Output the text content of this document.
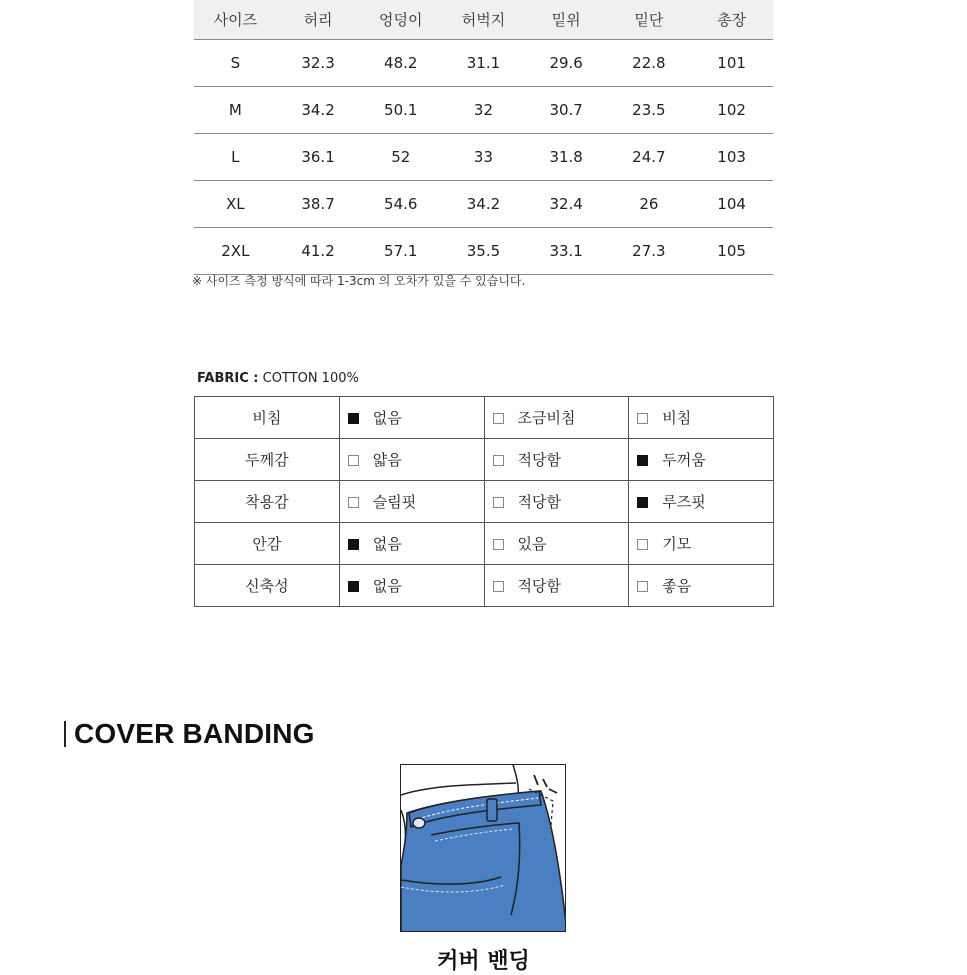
사이즈	허리	엉덩이	허벅지	밑위	밑단	총장
S	32.3	48.2	31.1	29.6	22.8	101
M	34.2	50.1	32	30.7	23.5	102
L	36.1	52	33	31.8	24.7	103
XL	38.7	54.6	34.2	32.4	26	104
2XL	41.2	57.1	35.5	33.1	27.3	105
※ 사이즈 측정 방식에 따라 1-3cm 의 오차가 있을 수 있습니다.
FABRIC : COTTON 100%
비침	없음	조금비침	비침
두께감	얇음	적당함	두꺼움
착용감	슬림핏	적당함	루즈핏
안감	없음	있음	기모
신축성	없음	적당함	좋음
COVER BANDING
커버 밴딩
